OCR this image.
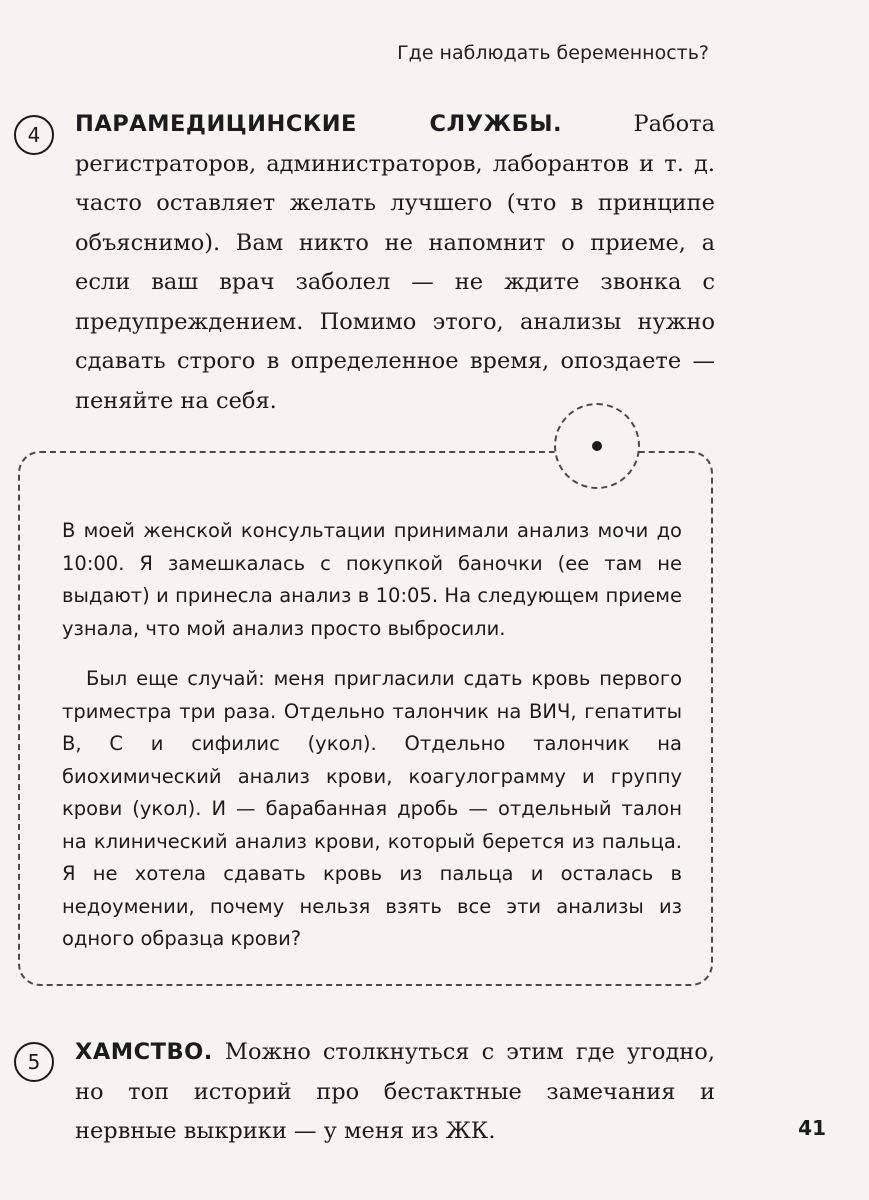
Где наблюдать беременность?
4	ПАРАМЕДИЦИНСКИЕ СЛУЖБЫ.	Работа регистраторов, администраторов, лаборантов и т. д. часто оставляет желать лучшего (что в принципе объяснимо). Вам никто не напомнит о приеме, а если ваш врач заболел — не ждите звонка с предупреждением. Помимо этого, анализы нужно сдавать строго в определенное время, опоздаете — пеняйте на себя.

В моей женской консультации принимали анализ мочи до 10:00. Я замешкалась с покупкой баночки (ее там не выдают) и принесла анализ в 10:05. На следующем приеме узнала, что мой анализ просто выбросили.

Был еще случай: меня пригласили сдать кровь первого триместра три раза. Отдельно талончик на ВИЧ, гепатиты В, С и сифилис (укол). Отдельно талончик на биохимический анализ крови, коагулограмму и группу крови (укол). И — барабанная дробь — отдельный талон на клинический анализ крови, который берется из пальца. Я не хотела сдавать кровь из пальца и осталась в недоумении, почему нельзя взять все эти анализы из одного образца крови?

5	ХАМСТВО. Можно столкнуться с этим где угодно, но топ историй про бестактные замечания и нервные выкрики — у меня из ЖК.	41
